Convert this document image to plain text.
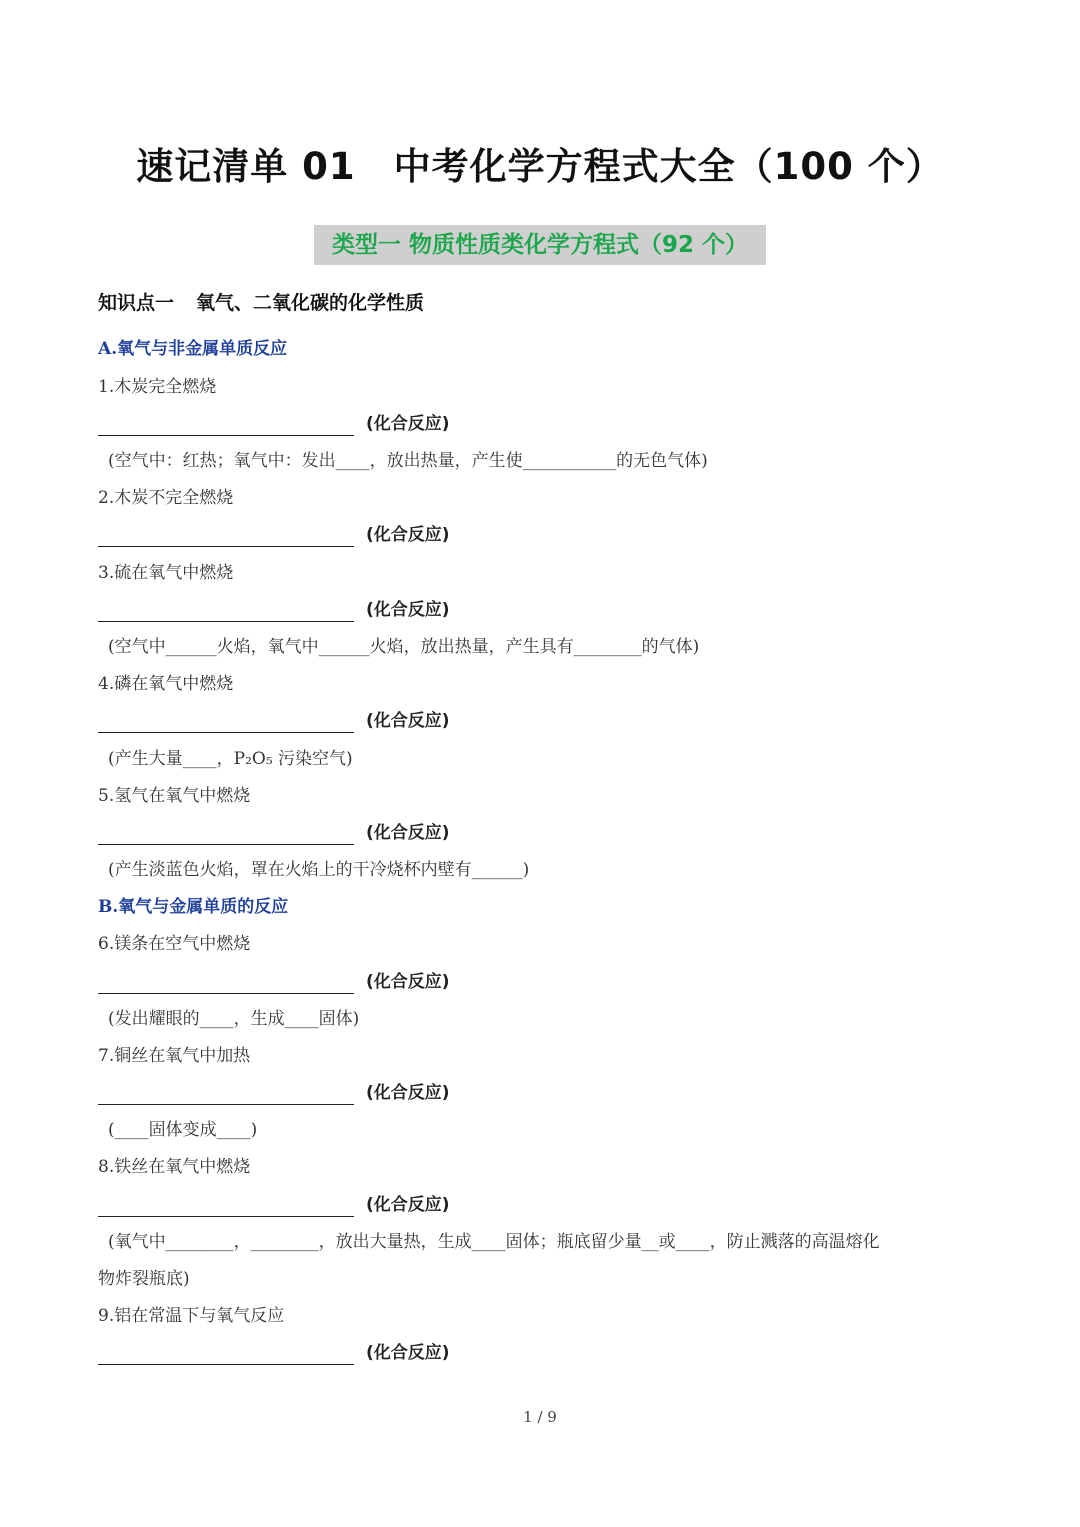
速记清单 01　中考化学方程式大全（100 个）
类型一 物质性质类化学方程式（92 个）
知识点一 氧气、二氧化碳的化学性质
A.氧气与非金属单质反应
1.木炭完全燃烧
(化合反应)
(空气中：红热；氧气中：发出____，放出热量，产生使___________的无色气体)
2.木炭不完全燃烧
(化合反应)
3.硫在氧气中燃烧
(化合反应)
(空气中______火焰，氧气中______火焰，放出热量，产生具有________的气体)
4.磷在氧气中燃烧
(化合反应)
(产生大量____，P₂O₅ 污染空气)
5.氢气在氧气中燃烧
(化合反应)
(产生淡蓝色火焰，罩在火焰上的干冷烧杯内壁有______)
B.氧气与金属单质的反应
6.镁条在空气中燃烧
(化合反应)
(发出耀眼的____，生成____固体)
7.铜丝在氧气中加热
(化合反应)
(____固体变成____)
8.铁丝在氧气中燃烧
(化合反应)
(氧气中________，________，放出大量热，生成____固体；瓶底留少量__或____，防止溅落的高温熔化
物炸裂瓶底)
9.铝在常温下与氧气反应
(化合反应)
1 / 9
